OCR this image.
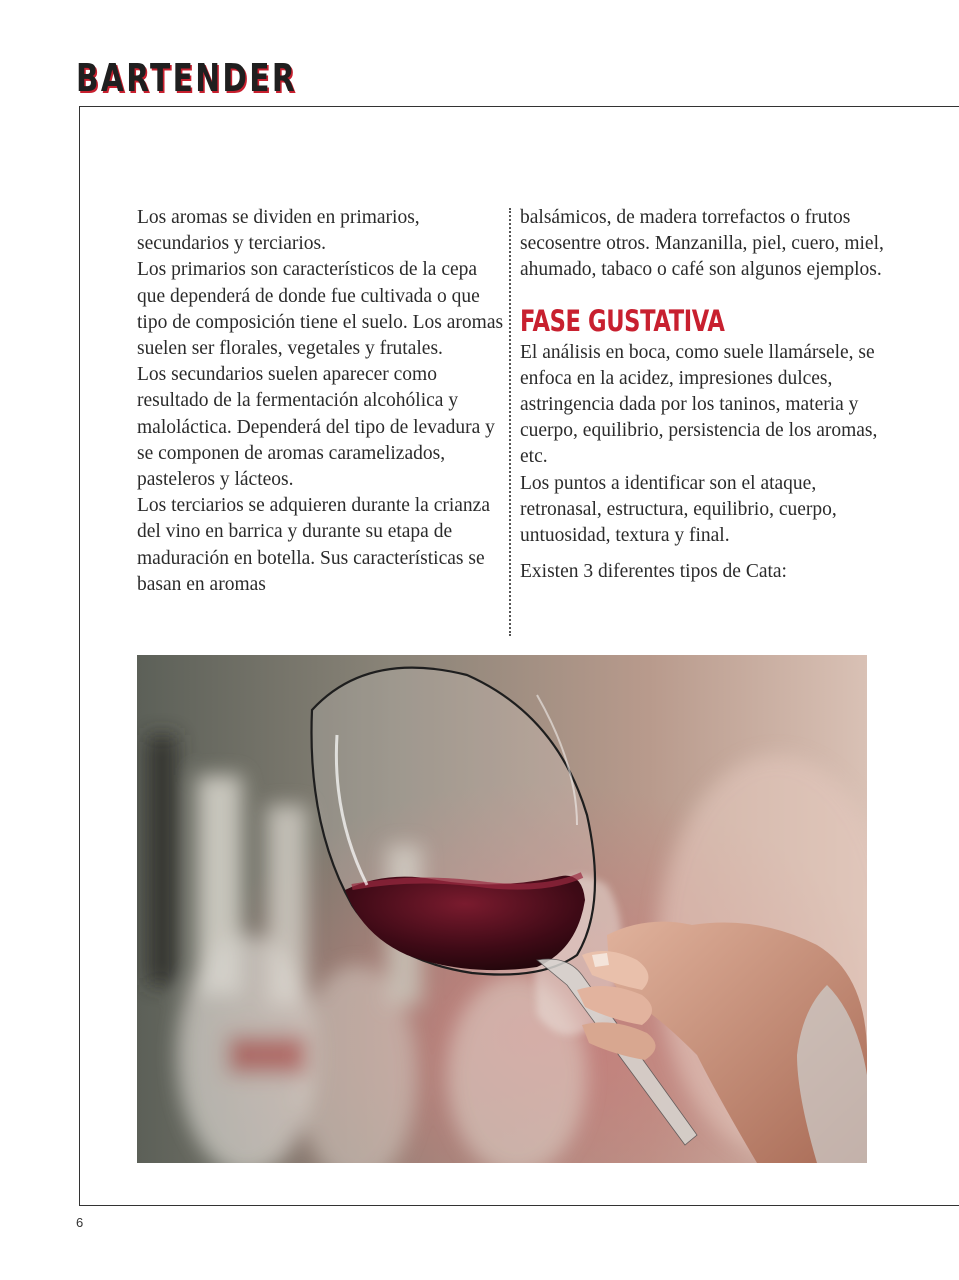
BARTENDER

Los aromas se dividen en primarios, secundarios y terciarios.

Los primarios son característicos de la cepa que dependerá de donde fue cultivada o que tipo de composición tiene el suelo. Los aromas suelen ser florales, vegetales y frutales.

Los secundarios suelen aparecer como resultado de la fermentación alcohólica y maloláctica. Dependerá del tipo de levadura y se componen de aromas caramelizados, pasteleros y lácteos.

Los terciarios se adquieren durante la crianza del vino en barrica y durante su etapa de maduración en botella. Sus características se basan en aromas

balsámicos, de madera torrefactos o frutos secosentre otros. Manzanilla, piel, cuero, miel, ahumado, tabaco o café son algunos ejemplos.

FASE GUSTATIVA

El análisis en boca, como suele llamársele, se enfoca en la acidez, impresiones dulces, astringencia dada por los taninos, materia y cuerpo, equilibrio, persistencia de los aromas, etc.

Los puntos a identificar son el ataque, retronasal, estructura, equilibrio, cuerpo, untuosidad, textura y final.

Existen 3 diferentes tipos de Cata:

6
